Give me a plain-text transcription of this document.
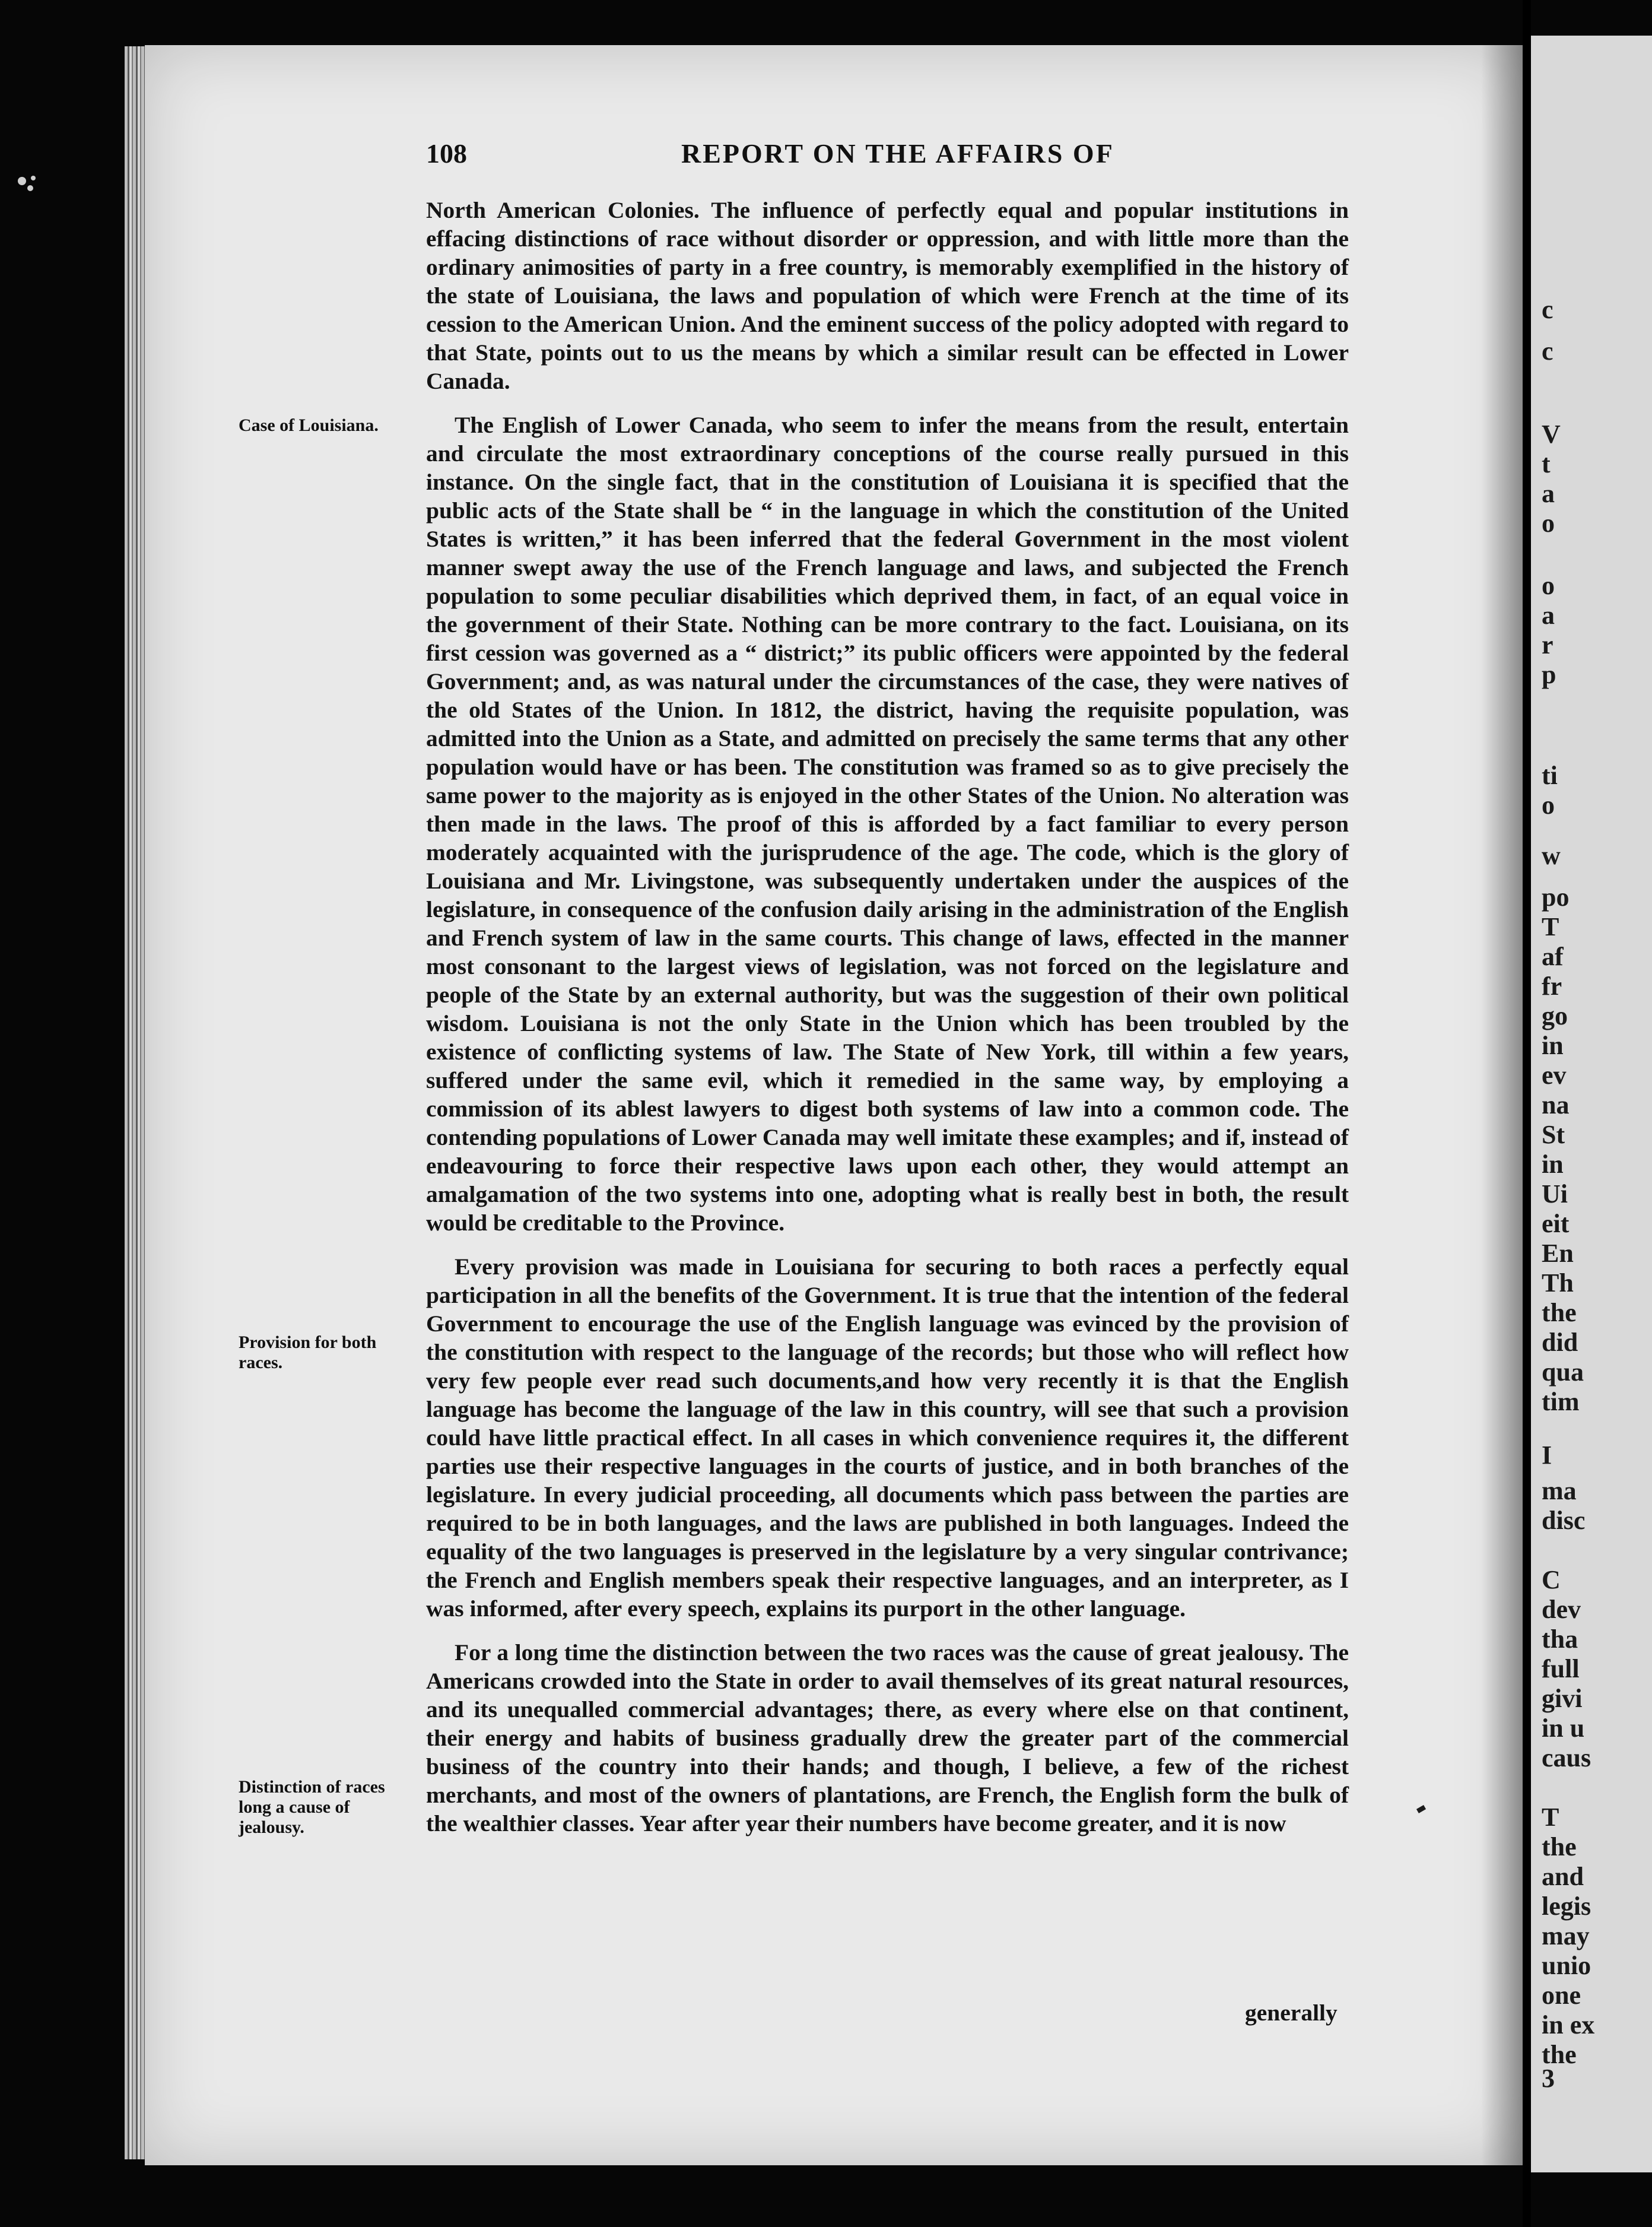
c
c
V
t
a
o
o
a
r
p
ti
o
w
po
T
af
fr
go
in
ev
na
St
in
Ui
eit
En
Th
the
did
qua
tim
I
ma
disc
C
dev
tha
full
givi
in u
caus
T
the
and
legis
may
unio
one
in ex
the
3
108	REPORT ON THE AFFAIRS OF
Case of Louisiana.
Provision for both races.
Distinction of races long a cause of jealousy.

North American Colonies. The influence of perfectly equal and popular institutions in effacing distinctions of race without disorder or oppression, and with little more than the ordinary animosities of party in a free country, is memorably exemplified in the history of the state of Louisiana, the laws and population of which were French at the time of its cession to the American Union. And the eminent success of the policy adopted with regard to that State, points out to us the means by which a similar result can be effected in Lower Canada.

The English of Lower Canada, who seem to infer the means from the result, entertain and circulate the most extraordinary conceptions of the course really pursued in this instance. On the single fact, that in the constitution of Louisiana it is specified that the public acts of the State shall be “ in the language in which the constitution of the United States is written,” it has been inferred that the federal Government in the most violent manner swept away the use of the French language and laws, and subjected the French population to some peculiar disabilities which deprived them, in fact, of an equal voice in the government of their State. Nothing can be more contrary to the fact. Louisiana, on its first cession was governed as a “ district;” its public officers were appointed by the federal Government; and, as was natural under the circumstances of the case, they were natives of the old States of the Union. In 1812, the district, having the requisite population, was admitted into the Union as a State, and admitted on precisely the same terms that any other population would have or has been. The constitution was framed so as to give precisely the same power to the majority as is enjoyed in the other States of the Union. No alteration was then made in the laws. The proof of this is afforded by a fact familiar to every person moderately acquainted with the jurisprudence of the age. The code, which is the glory of Louisiana and Mr. Livingstone, was subsequently undertaken under the auspices of the legislature, in consequence of the confusion daily arising in the administration of the English and French system of law in the same courts. This change of laws, effected in the manner most consonant to the largest views of legislation, was not forced on the legislature and people of the State by an external authority, but was the suggestion of their own political wisdom. Louisiana is not the only State in the Union which has been troubled by the existence of conflicting systems of law. The State of New York, till within a few years, suffered under the same evil, which it remedied in the same way, by employing a commission of its ablest lawyers to digest both systems of law into a common code. The contending populations of Lower Canada may well imitate these examples; and if, instead of endeavouring to force their respective laws upon each other, they would attempt an amalgamation of the two systems into one, adopting what is really best in both, the result would be creditable to the Province.

Every provision was made in Louisiana for securing to both races a perfectly equal participation in all the benefits of the Government. It is true that the intention of the federal Government to encourage the use of the English language was evinced by the provision of the constitution with respect to the language of the records; but those who will reflect how very few people ever read such documents,and how very recently it is that the English language has become the language of the law in this country, will see that such a provision could have little practical effect. In all cases in which convenience requires it, the different parties use their respective languages in the courts of justice, and in both branches of the legislature. In every judicial proceeding, all documents which pass between the parties are required to be in both languages, and the laws are published in both languages. Indeed the equality of the two languages is preserved in the legislature by a very singular contrivance; the French and English members speak their respective languages, and an interpreter, as I was informed, after every speech, explains its purport in the other language.

For a long time the distinction between the two races was the cause of great jealousy. The Americans crowded into the State in order to avail themselves of its great natural resources, and its unequalled commercial advantages; there, as every where else on that continent, their energy and habits of business gradually drew the greater part of the commercial business of the country into their hands; and though, I believe, a few of the richest merchants, and most of the owners of plantations, are French, the English form the bulk of the wealthier classes. Year after year their numbers have become greater, and it is now

generally
